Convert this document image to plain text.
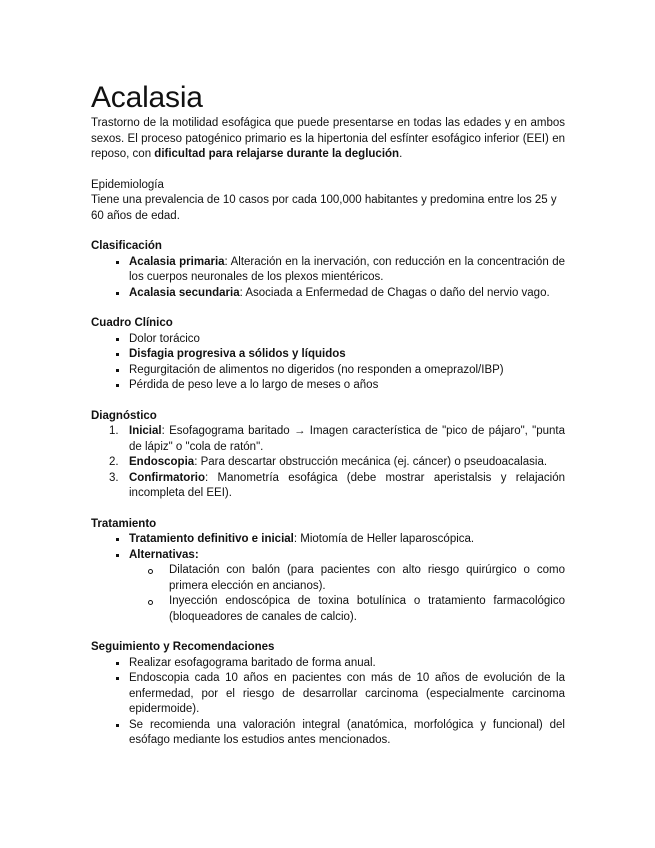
Acalasia

Trastorno de la motilidad esofágica que puede presentarse en todas las edades y en ambos sexos. El proceso patogénico primario es la hipertonia del esfínter esofágico inferior (EEI) en reposo, con dificultad para relajarse durante la deglución.

Epidemiología

Tiene una prevalencia de 10 casos por cada 100,000 habitantes y predomina entre los 25 y 60 años de edad.

Clasificación

Acalasia primaria: Alteración en la inervación, con reducción en la concentración de los cuerpos neuronales de los plexos mientéricos.
Acalasia secundaria: Asociada a Enfermedad de Chagas o daño del nervio vago.

Cuadro Clínico

Dolor torácico
Disfagia progresiva a sólidos y líquidos
Regurgitación de alimentos no digeridos (no responden a omeprazol/IBP)
Pérdida de peso leve a lo largo de meses o años

Diagnóstico

1. Inicial: Esofagograma baritado → Imagen característica de "pico de pájaro", "punta de lápiz" o "cola de ratón".
2. Endoscopia: Para descartar obstrucción mecánica (ej. cáncer) o pseudoacalasia.
3. Confirmatorio: Manometría esofágica (debe mostrar aperistalsis y relajación incompleta del EEI).

Tratamiento

Tratamiento definitivo e inicial: Miotomía de Heller laparoscópica.
Alternativas:
Dilatación con balón (para pacientes con alto riesgo quirúrgico o como primera elección en ancianos).
Inyección endoscópica de toxina botulínica o tratamiento farmacológico (bloqueadores de canales de calcio).

Seguimiento y Recomendaciones

Realizar esofagograma baritado de forma anual.
Endoscopia cada 10 años en pacientes con más de 10 años de evolución de la enfermedad, por el riesgo de desarrollar carcinoma (especialmente carcinoma epidermoide).
Se recomienda una valoración integral (anatómica, morfológica y funcional) del esófago mediante los estudios antes mencionados.
